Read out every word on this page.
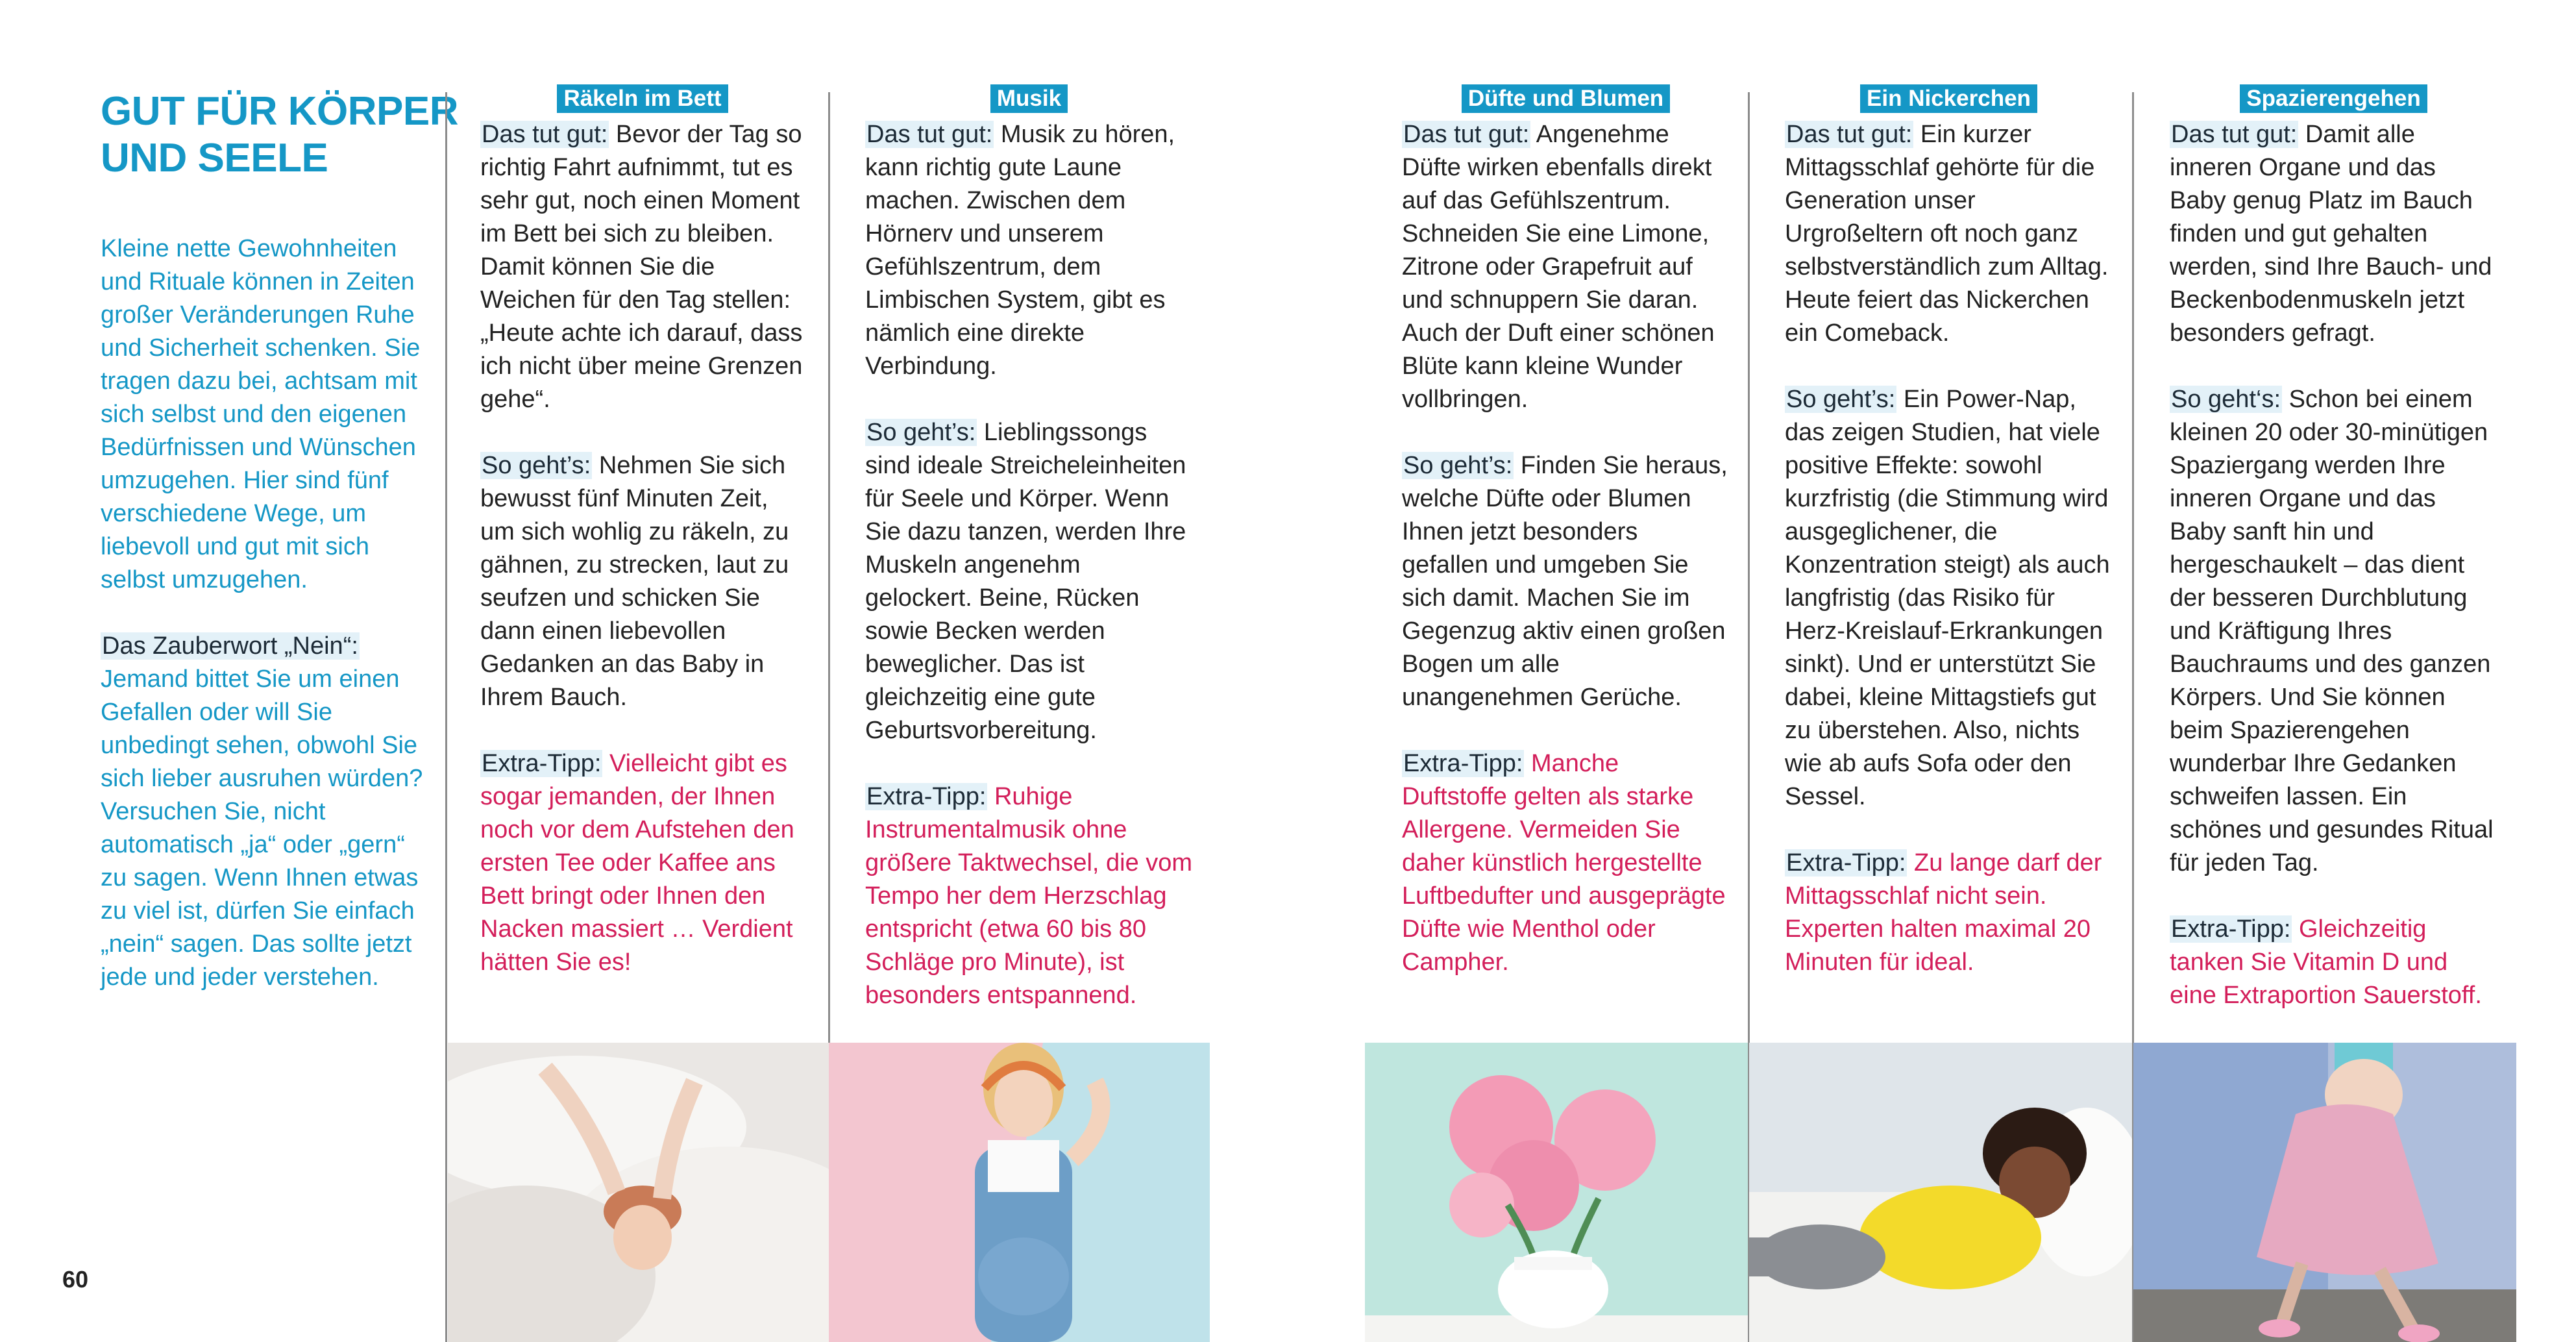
GUT FÜR KÖRPER UND SEELE

Kleine nette Gewohnheiten und Rituale können in Zeiten großer Veränderungen Ruhe und Sicherheit schenken. Sie tragen dazu bei, achtsam mit sich selbst und den eigenen Bedürfnissen und Wünschen umzugehen. Hier sind fünf verschiedene Wege, um liebevoll und gut mit sich selbst umzugehen.

Das Zauberwort „Nein“: Jemand bittet Sie um einen Gefallen oder will Sie unbedingt sehen, obwohl Sie sich lieber ausruhen würden? Versuchen Sie, nicht automatisch „ja“ oder „gern“ zu sagen. Wenn Ihnen etwas zu viel ist, dürfen Sie einfach „nein“ sagen. Das sollte jetzt jede und jeder verstehen.

Räkeln im Bett

Das tut gut: Bevor der Tag so richtig Fahrt aufnimmt, tut es sehr gut, noch einen Moment im Bett bei sich zu bleiben. Damit können Sie die Weichen für den Tag stellen: „Heute achte ich darauf, dass ich nicht über meine Grenzen gehe“.

So geht’s: Nehmen Sie sich bewusst fünf Minuten Zeit, um sich wohlig zu räkeln, zu gähnen, zu strecken, laut zu seufzen und schicken Sie dann einen liebevollen Gedanken an das Baby in Ihrem Bauch.

Extra-Tipp: Vielleicht gibt es sogar jemanden, der Ihnen noch vor dem Aufstehen den ersten Tee oder Kaffee ans Bett bringt oder Ihnen den Nacken massiert … Verdient hätten Sie es!

Musik

Das tut gut: Musik zu hören, kann richtig gute Laune machen. Zwischen dem Hörnerv und unserem Gefühlszentrum, dem Limbischen System, gibt es nämlich eine direkte Verbindung.

So geht’s: Lieblingssongs sind ideale Streicheleinheiten für Seele und Körper. Wenn Sie dazu tanzen, werden Ihre Muskeln angenehm gelockert. Beine, Rücken sowie Becken werden beweglicher. Das ist gleichzeitig eine gute Geburtsvorbereitung.

Extra-Tipp: Ruhige Instrumentalmusik ohne größere Taktwechsel, die vom Tempo her dem Herzschlag entspricht (etwa 60 bis 80 Schläge pro Minute), ist besonders entspannend.

60
Düfte und Blumen

Das tut gut: Angenehme Düfte wirken ebenfalls direkt auf das Gefühlszentrum. Schneiden Sie eine Limone, Zitrone oder Grapefruit auf und schnuppern Sie daran. Auch der Duft einer schönen Blüte kann kleine Wunder vollbringen.

So geht’s: Finden Sie heraus, welche Düfte oder Blumen Ihnen jetzt besonders gefallen und umgeben Sie sich damit. Machen Sie im Gegenzug aktiv einen großen Bogen um alle unangenehmen Gerüche.

Extra-Tipp: Manche Duftstoffe gelten als starke Allergene. Vermeiden Sie daher künstlich hergestellte Luftbedufter und ausgeprägte Düfte wie Menthol oder Campher.

Ein Nickerchen

Das tut gut: Ein kurzer Mittagsschlaf gehörte für die Generation unser Urgroßeltern oft noch ganz selbstverständlich zum Alltag. Heute feiert das Nickerchen ein Comeback.

So geht’s: Ein Power-Nap, das zeigen Studien, hat viele positive Effekte: sowohl kurzfristig (die Stimmung wird ausgeglichener, die Konzentration steigt) als auch langfristig (das Risiko für Herz-Kreislauf-Erkrankungen sinkt). Und er unterstützt Sie dabei, kleine Mittagstiefs gut zu überstehen. Also, nichts wie ab aufs Sofa oder den Sessel.

Extra-Tipp: Zu lange darf der Mittagsschlaf nicht sein. Experten halten maximal 20 Minuten für ideal.

Spazierengehen

Das tut gut: Damit alle inneren Organe und das Baby genug Platz im Bauch finden und gut gehalten werden, sind Ihre Bauch- und Beckenbodenmuskeln jetzt besonders gefragt.

So geht‘s: Schon bei einem kleinen 20 oder 30-minütigen Spaziergang werden Ihre inneren Organe und das Baby sanft hin und hergeschaukelt – das dient der besseren Durchblutung und Kräftigung Ihres Bauchraums und des ganzen Körpers. Und Sie können beim Spazierengehen wunderbar Ihre Gedanken schweifen lassen. Ein schönes und gesundes Ritual für jeden Tag.

Extra-Tipp: Gleichzeitig tanken Sie Vitamin D und eine Extraportion Sauerstoff.
